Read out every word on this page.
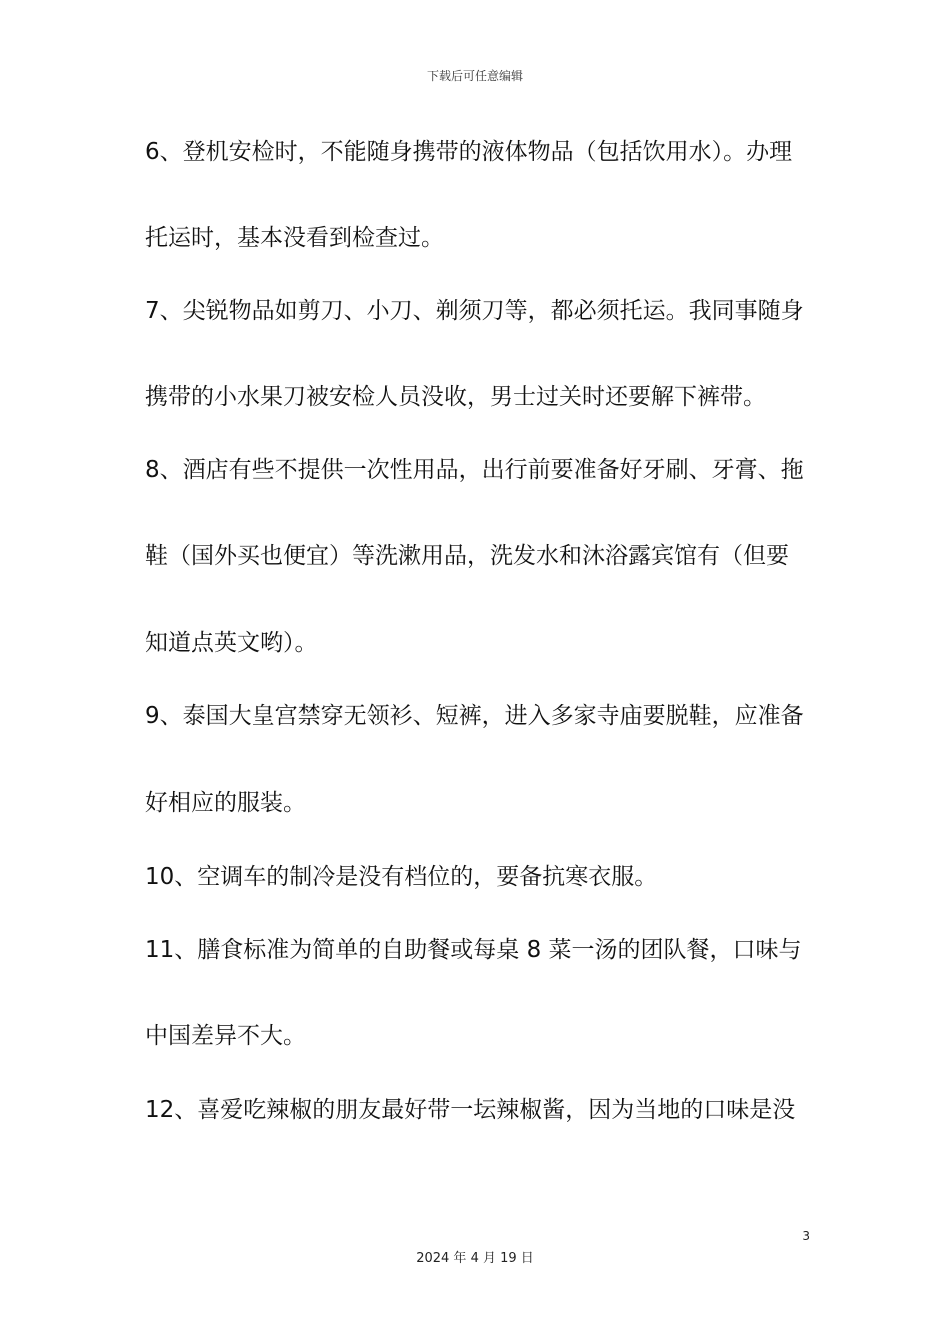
下载后可任意编辑
6、登机安检时，不能随身携带的液体物品（包括饮用水）。办理
托运时，基本没看到检查过。
7、尖锐物品如剪刀、小刀、剃须刀等，都必须托运。我同事随身
携带的小水果刀被安检人员没收，男士过关时还要解下裤带。
8、酒店有些不提供一次性用品，出行前要准备好牙刷、牙膏、拖
鞋（国外买也便宜）等洗漱用品，洗发水和沐浴露宾馆有（但要
知道点英文哟）。
9、泰国大皇宫禁穿无领衫、短裤，进入多家寺庙要脱鞋，应准备
好相应的服装。
10、空调车的制冷是没有档位的，要备抗寒衣服。
11、膳食标准为简单的自助餐或每桌 8 菜一汤的团队餐，口味与
中国差异不大。
12、喜爱吃辣椒的朋友最好带一坛辣椒酱，因为当地的口味是没
3
2024 年 4 月 19 日
